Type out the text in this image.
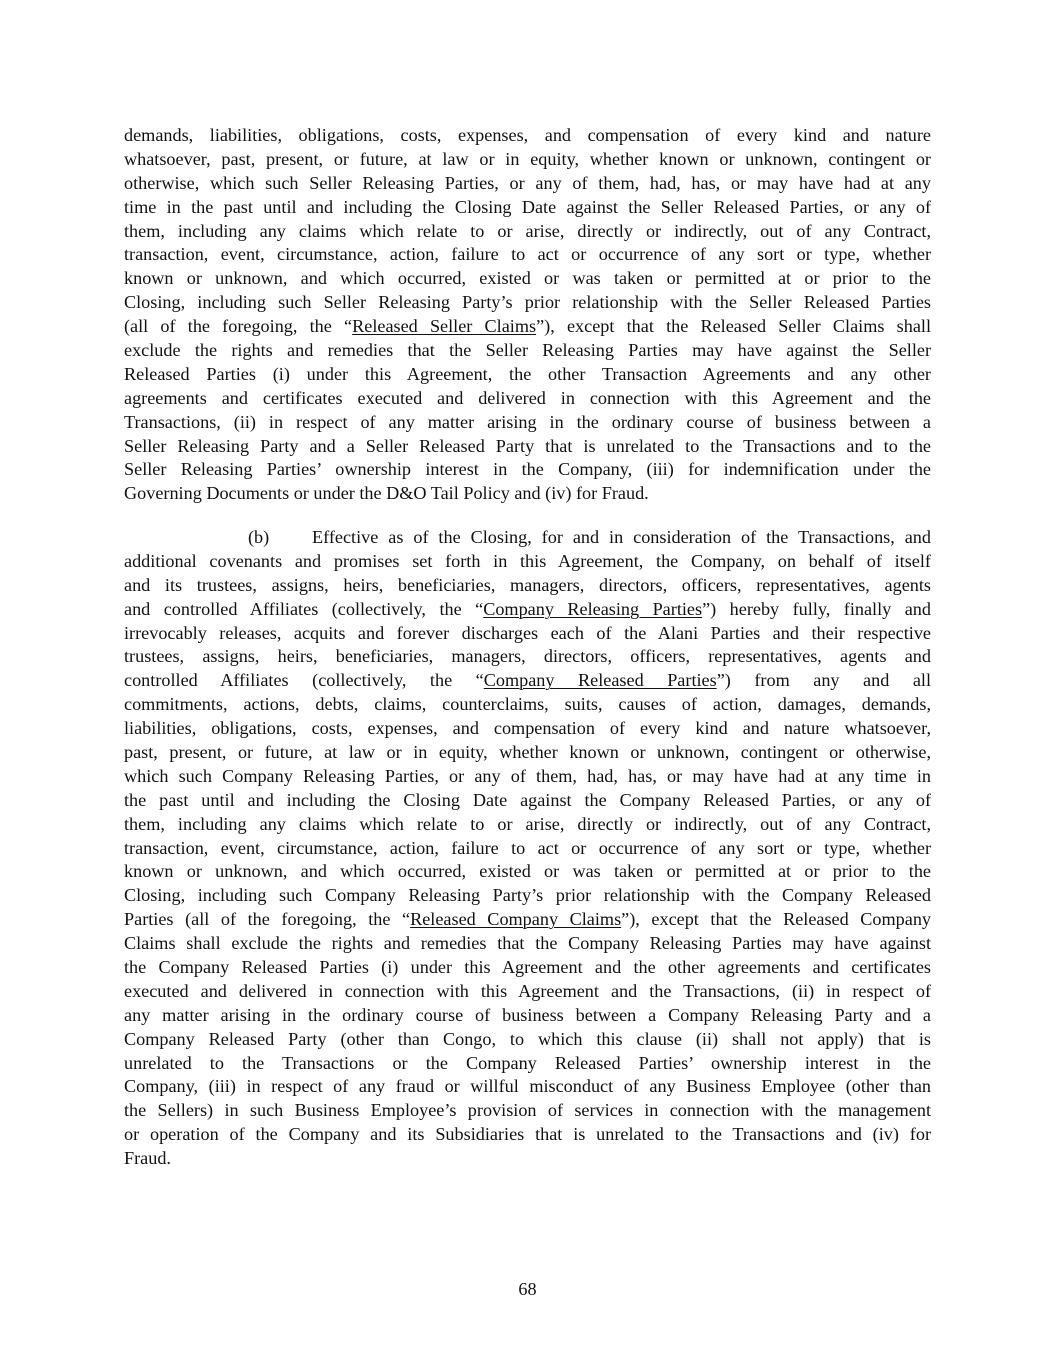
demands, liabilities, obligations, costs, expenses, and compensation of every kind and nature
whatsoever, past, present, or future, at law or in equity, whether known or unknown, contingent or
otherwise, which such Seller Releasing Parties, or any of them, had, has, or may have had at any
time in the past until and including the Closing Date against the Seller Released Parties, or any of
them, including any claims which relate to or arise, directly or indirectly, out of any Contract,
transaction, event, circumstance, action, failure to act or occurrence of any sort or type, whether
known or unknown, and which occurred, existed or was taken or permitted at or prior to the
Closing, including such Seller Releasing Party’s prior relationship with the Seller Released Parties
(all of the foregoing, the “Released Seller Claims”), except that the Released Seller Claims shall
exclude the rights and remedies that the Seller Releasing Parties may have against the Seller
Released Parties (i) under this Agreement, the other Transaction Agreements and any other
agreements and certificates executed and delivered in connection with this Agreement and the
Transactions, (ii) in respect of any matter arising in the ordinary course of business between a
Seller Releasing Party and a Seller Released Party that is unrelated to the Transactions and to the
Seller Releasing Parties’ ownership interest in the Company, (iii) for indemnification under the
Governing Documents or under the D&O Tail Policy and (iv) for Fraud.
(b) Effective as of the Closing, for and in consideration of the Transactions, and
additional covenants and promises set forth in this Agreement, the Company, on behalf of itself
and its trustees, assigns, heirs, beneficiaries, managers, directors, officers, representatives, agents
and controlled Affiliates (collectively, the “Company Releasing Parties”) hereby fully, finally and
irrevocably releases, acquits and forever discharges each of the Alani Parties and their respective
trustees, assigns, heirs, beneficiaries, managers, directors, officers, representatives, agents and
controlled Affiliates (collectively, the “Company Released Parties”) from any and all
commitments, actions, debts, claims, counterclaims, suits, causes of action, damages, demands,
liabilities, obligations, costs, expenses, and compensation of every kind and nature whatsoever,
past, present, or future, at law or in equity, whether known or unknown, contingent or otherwise,
which such Company Releasing Parties, or any of them, had, has, or may have had at any time in
the past until and including the Closing Date against the Company Released Parties, or any of
them, including any claims which relate to or arise, directly or indirectly, out of any Contract,
transaction, event, circumstance, action, failure to act or occurrence of any sort or type, whether
known or unknown, and which occurred, existed or was taken or permitted at or prior to the
Closing, including such Company Releasing Party’s prior relationship with the Company Released
Parties (all of the foregoing, the “Released Company Claims”), except that the Released Company
Claims shall exclude the rights and remedies that the Company Releasing Parties may have against
the Company Released Parties (i) under this Agreement and the other agreements and certificates
executed and delivered in connection with this Agreement and the Transactions, (ii) in respect of
any matter arising in the ordinary course of business between a Company Releasing Party and a
Company Released Party (other than Congo, to which this clause (ii) shall not apply) that is
unrelated to the Transactions or the Company Released Parties’ ownership interest in the
Company, (iii) in respect of any fraud or willful misconduct of any Business Employee (other than
the Sellers) in such Business Employee’s provision of services in connection with the management
or operation of the Company and its Subsidiaries that is unrelated to the Transactions and (iv) for
Fraud.
68
